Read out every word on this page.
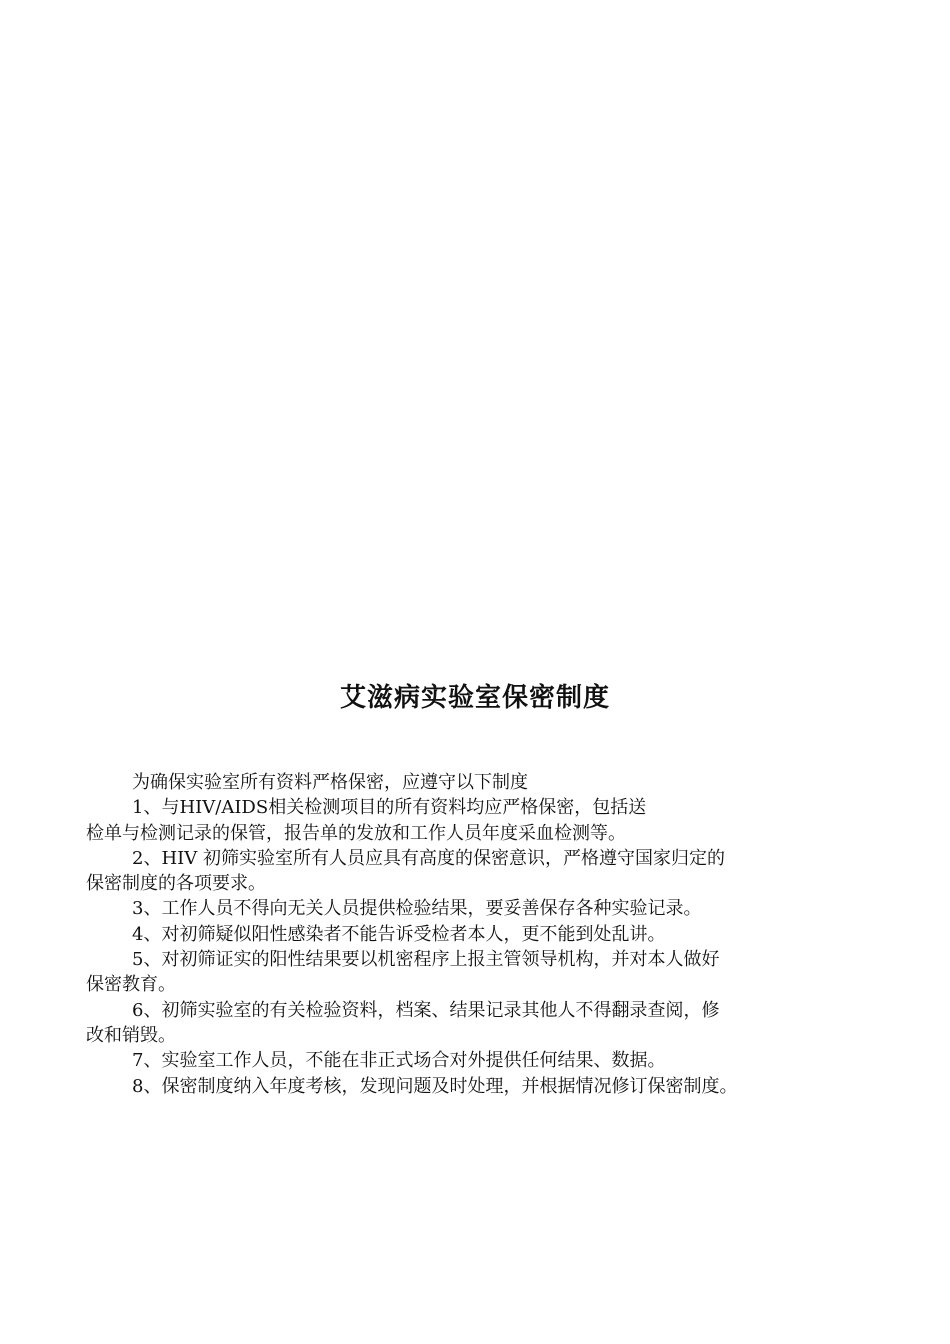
艾滋病实验室保密制度

为确保实验室所有资料严格保密，应遵守以下制度

1、与HIV/AIDS相关检测项目的所有资料均应严格保密，包括送
检单与检测记录的保管，报告单的发放和工作人员年度采血检测等。

2、HIV 初筛实验室所有人员应具有高度的保密意识，严格遵守国家归定的
保密制度的各项要求。

3、工作人员不得向无关人员提供检验结果，要妥善保存各种实验记录。

4、对初筛疑似阳性感染者不能告诉受检者本人，更不能到处乱讲。

5、对初筛证实的阳性结果要以机密程序上报主管领导机构，并对本人做好
保密教育。

6、初筛实验室的有关检验资料，档案、结果记录其他人不得翻录查阅，修
改和销毁。

7、实验室工作人员，不能在非正式场合对外提供任何结果、数据。

8、保密制度纳入年度考核，发现问题及时处理，并根据情况修订保密制度。
